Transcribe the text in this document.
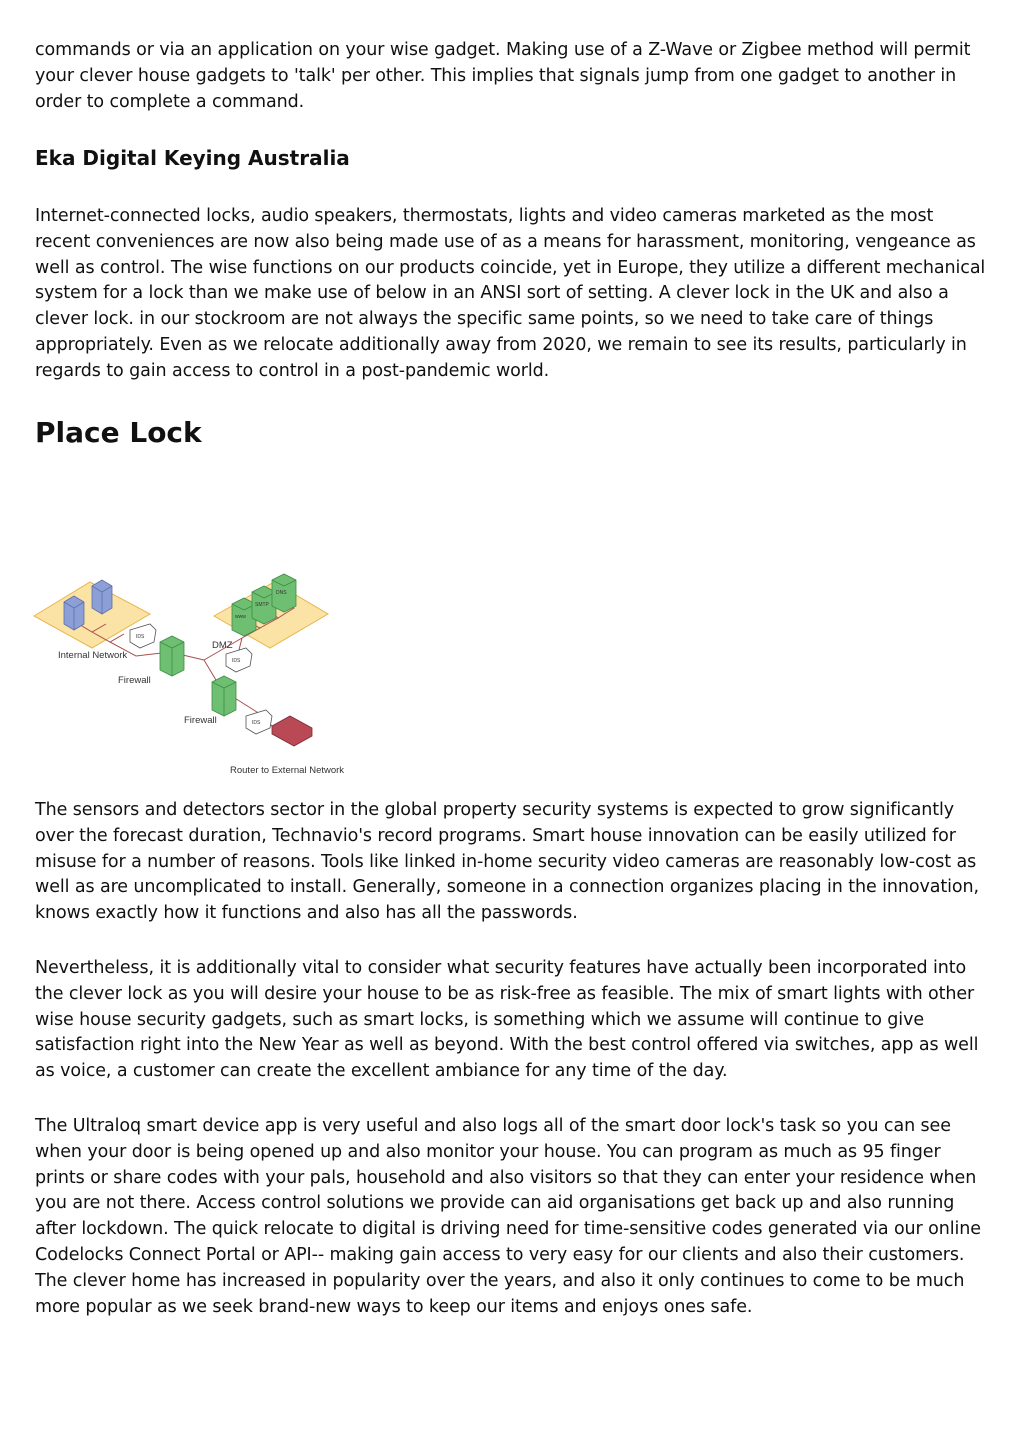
commands or via an application on your wise gadget. Making use of a Z-Wave or Zigbee method will permit your clever house gadgets to 'talk' per other. This implies that signals jump from one gadget to another in order to complete a command.

Eka Digital Keying Australia

Internet-connected locks, audio speakers, thermostats, lights and video cameras marketed as the most recent conveniences are now also being made use of as a means for harassment, monitoring, vengeance as well as control. The wise functions on our products coincide, yet in Europe, they utilize a different mechanical system for a lock than we make use of below in an ANSI sort of setting. A clever lock in the UK and also a clever lock. in our stockroom are not always the specific same points, so we need to take care of things appropriately. Even as we relocate additionally away from 2020, we remain to see its results, particularly in regards to gain access to control in a post-pandemic world.

Place Lock
IDS
www
SMTP
DNS
IDS
IDS
Internal Network
DMZ
Firewall
Firewall
Router to External Network

The sensors and detectors sector in the global property security systems is expected to grow significantly over the forecast duration, Technavio's record programs. Smart house innovation can be easily utilized for misuse for a number of reasons. Tools like linked in-home security video cameras are reasonably low-cost as well as are uncomplicated to install. Generally, someone in a connection organizes placing in the innovation, knows exactly how it functions and also has all the passwords.

Nevertheless, it is additionally vital to consider what security features have actually been incorporated into the clever lock as you will desire your house to be as risk-free as feasible. The mix of smart lights with other wise house security gadgets, such as smart locks, is something which we assume will continue to give satisfaction right into the New Year as well as beyond. With the best control offered via switches, app as well as voice, a customer can create the excellent ambiance for any time of the day.

The Ultraloq smart device app is very useful and also logs all of the smart door lock's task so you can see when your door is being opened up and also monitor your house. You can program as much as 95 finger prints or share codes with your pals, household and also visitors so that they can enter your residence when you are not there. Access control solutions we provide can aid organisations get back up and also running after lockdown. The quick relocate to digital is driving need for time-sensitive codes generated via our online Codelocks Connect Portal or API-- making gain access to very easy for our clients and also their customers. The clever home has increased in popularity over the years, and also it only continues to come to be much more popular as we seek brand-new ways to keep our items and enjoys ones safe.
